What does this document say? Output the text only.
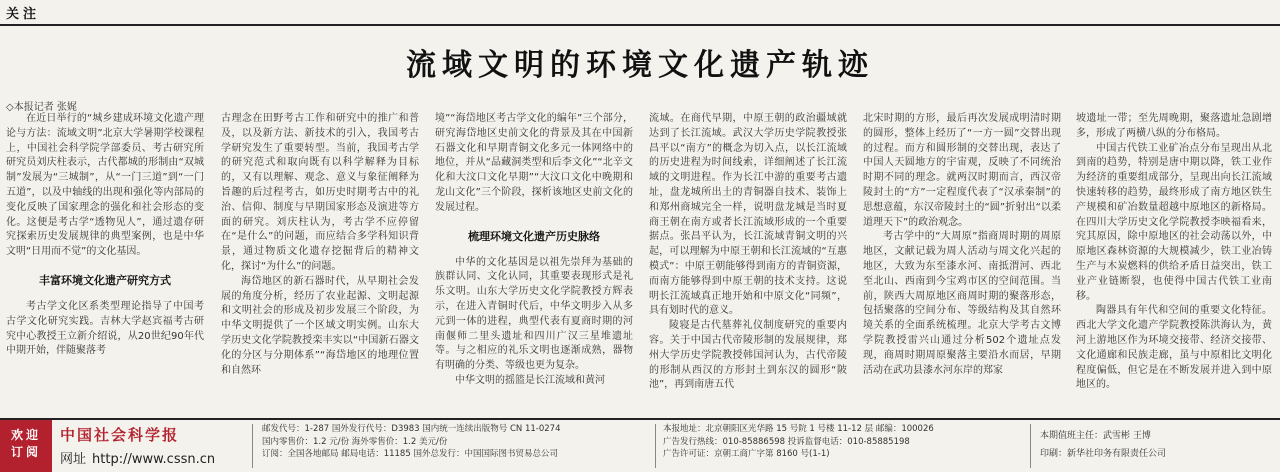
关注
流域文明的环境文化遗产轨迹
◇本报记者 张娓

在近日举行的“城乡建成环境文化遗产理论与方法：流域文明”北京大学暑期学校课程上，中国社会科学院学部委员、考古研究所研究员刘庆柱表示，古代都城的形制由“双城制”发展为“三城制”，从“一门三道”到“一门五道”，以及中轴线的出现和强化等内部局的变化反映了国家理念的强化和社会形态的变化。这便是考古学“透物见人”，通过遗存研究探索历史发展规律的典型案例，也是中华文明“日用而不觉”的文化基因。

丰富环境文化遗产研究方式

考古学文化区系类型理论指导了中国考古学文化研究实践。吉林大学赵宾福考古研究中心教授王立新介绍说，从20世纪90年代中期开始，伴随聚落考

古理念在田野考古工作和研究中的推广和普及，以及新方法、新技术的引入，我国考古学研究发生了重要转型。当前，我国考古学的研究范式和取向既有以科学解释为目标的，又有以理解、观念、意义与象征阐释为旨趣的后过程考古，如历史时期考古中的礼治、信仰、制度与早期国家形态及演进等方面的研究。刘庆柱认为，考古学不应停留在“是什么”的问题，而应结合多学科知识背景，通过物质文化遗存挖掘背后的精神文化，探讨“为什么”的问题。

海岱地区的新石器时代，从早期社会发展的角度分析，经历了农业起源、文明起源和文明社会的形成及初步发展三个阶段，为中华文明提供了一个区域文明实例。山东大学历史文化学院教授栾丰实以“中国新石器文化的分区与分期体系”“海岱地区的地理位置和自然环

境”“海岱地区考古学文化的编年”三个部分，研究海岱地区史前文化的背景及其在中国新石器文化和早期青铜文化多元一体网络中的地位，并从“品藏洞类型和后李文化”“北辛文化和大汶口文化早期”“大汶口文化中晚期和龙山文化”三个阶段，探析该地区史前文化的发展过程。

梳理环境文化遗产历史脉络

中华的文化基因是以祖先崇拜为基础的族群认同、文化认同，其重要表现形式是礼乐文明。山东大学历史文化学院教授方辉表示，在进入青铜时代后，中华文明步入从多元到一体的进程，典型代表有夏商时期的河南偃师二里头遗址和四川广汉三星堆遗址等。与之相应的礼乐文明也逐渐成熟，器物有明确的分类、等级也更为复杂。

中华文明的摇篮是长江流域和黄河

流域。在商代早期，中原王朝的政治疆域就达到了长江流域。武汉大学历史学院教授张昌平以“南方”的概念为切入点，以长江流域的历史进程为时间线索，详细阐述了长江流域的文明进程。作为长江中游的重要考古遗址，盘龙城所出土的青铜器自技术、装饰上和郑州商城完全一样，说明盘龙城是当时夏商王朝在南方或者长江流域形成的一个重要据点。张昌平认为，长江流域青铜文明的兴起，可以理解为中原王朝和长江流域的“互惠模式”：中原王朝能够得到南方的青铜资源，而南方能够得到中原王朝的技术支持。这说明长江流域真正地开始和中原文化“同频”，具有划时代的意义。

陵寝是古代墓葬礼仪制度研究的重要内容。关于中国古代帝陵形制的发展规律，郑州大学历史学院教授韩国河认为，古代帝陵的形制从西汉的方形封土到东汉的圆形“陂池”，再到南唐五代

北宋时期的方形，最后再次发展成明清时期的圆形，整体上经历了“一方一圆”交替出现的过程。而方和圆形制的交替出现，表达了中国人天圆地方的宇宙观，反映了不同统治时期不同的理念。就两汉时期而言，西汉帝陵封土的“方”一定程度代表了“汉承秦制”的思想意蕴，东汉帝陵封土的“圆”折射出“以柔道理天下”的政治观念。

考古学中的“大周原”指商周时期的周原地区，文献记载为周人活动与周文化兴起的地区，大致为东至漆水河、南抵渭河、西北至北山、西南到今宝鸡市区的空间范围。当前，陕西大周原地区商周时期的聚落形态，包括聚落的空间分布、等级结构及其自然环境关系的全面系统梳理。北京大学考古文博学院教授雷兴山通过分析502个遗址点发现，商周时期周原聚落主要沿水而居，早期活动在武功县漆水河东岸的郑家

坡遗址一带；至先周晚期，聚落遗址急剧增多，形成了两横八纵的分布格局。

中国古代铁工业矿冶点分布呈现出从北到南的趋势，特别是唐中期以降，铁工业作为经济的重要组成部分，呈现出向长江流域快速转移的趋势，最终形成了南方地区铁生产规模和矿冶数量超越中原地区的新格局。在四川大学历史文化学院教授李映福看来，究其原因，除中原地区的社会动荡以外，中原地区森林资源的大规模减少，铁工业冶铸生产与木炭燃料的供给矛盾日益突出，铁工业产业链断裂，也使得中国古代铁工业南移。

陶器具有年代和空间的重要文化特征。西北大学文化遗产学院教授陈洪海认为，黄河上游地区作为环境交接带、经济交接带、文化通廊和民族走廊，虽与中原相比文明化程度偏低，但它是在不断发展并进入到中原地区的。

欢迎
订阅
中国社会科学报
网址 http://www.cssn.cn
邮发代号：1-287 国外发行代号：D3983 国内统一连续出版物号 CN 11-0274
国内零售价：1.2 元/份 海外零售价：1.2 美元/份
订阅：全国各地邮局 邮局电话：11185 国外总发行：中国国际图书贸易总公司
本报地址：北京朝阳区光华路 15 号院 1 号楼 11-12 层 邮编：100026
广告发行热线：010-85886598 投诉监督电话：010-85885198
广告许可证：京朝工商广字第 8160 号(1-1)
本期值班主任：武雪彬 王博
印刷：新华社印务有限责任公司
